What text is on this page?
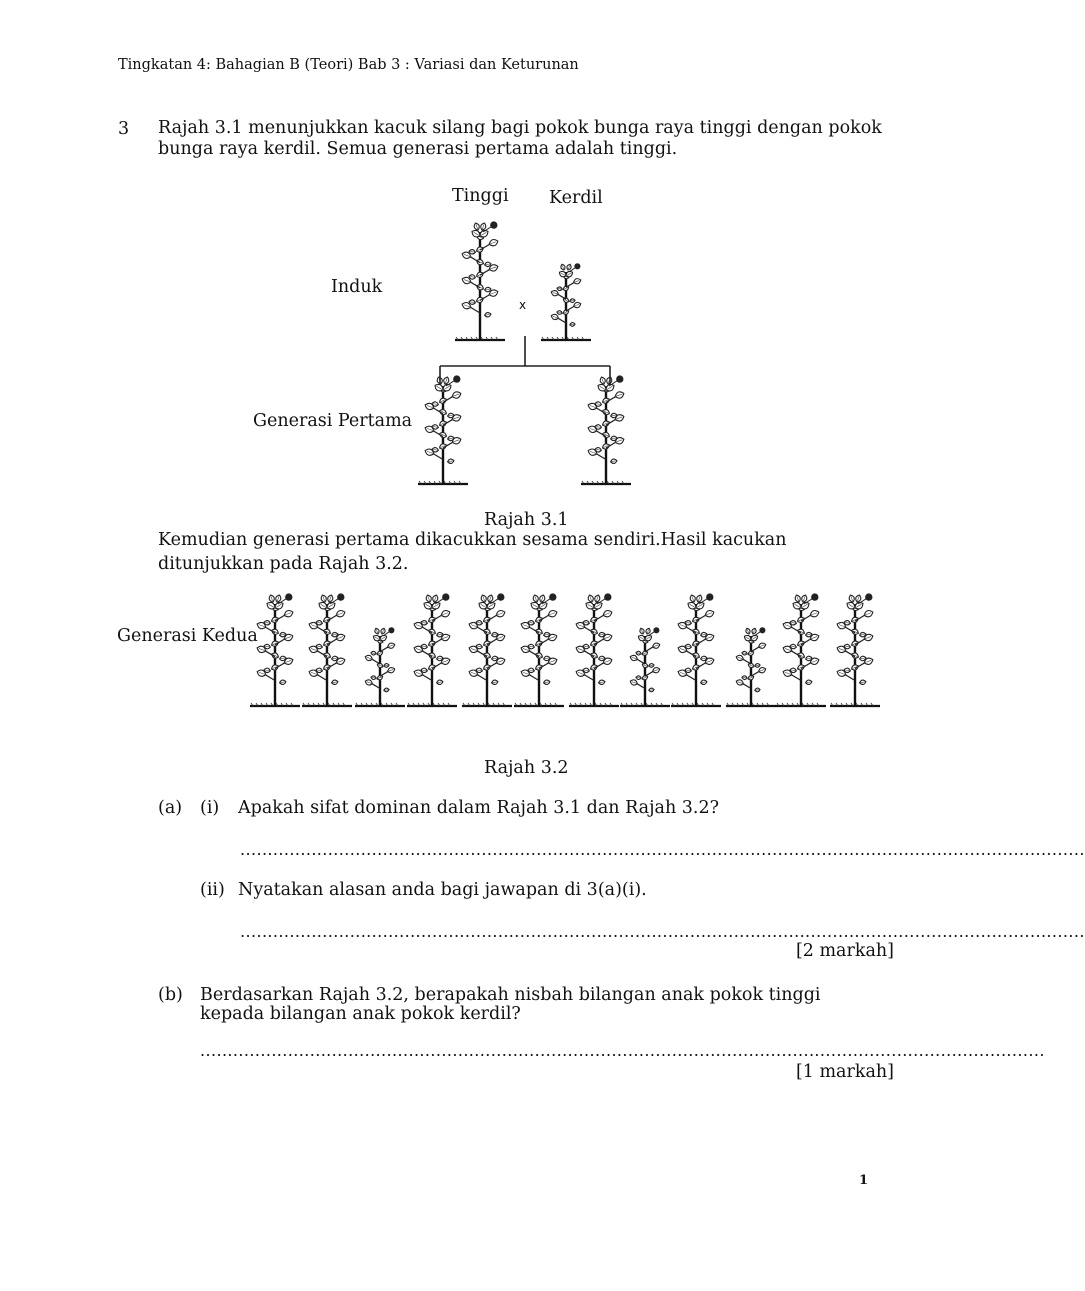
Tingkatan 4: Bahagian B (Teori) Bab 3 : Variasi dan Keturunan
3 Rajah 3.1 menunjukkan kacuk silang bagi pokok bunga raya tinggi dengan pokok
bunga raya kerdil. Semua generasi pertama adalah tinggi.
Tinggi Kerdil
Induk
x
Generasi Pertama
Rajah 3.1
Kemudian generasi pertama dikacukkan sesama sendiri.Hasil kacukan
ditunjukkan pada Rajah 3.2.
Generasi Kedua
Rajah 3.2
(a) (i) Apakah sifat dominan dalam Rajah 3.1 dan Rajah 3.2?
..........................................................................................................................................................
(ii) Nyatakan alasan anda bagi jawapan di 3(a)(i).
..........................................................................................................................................................
[2 markah]
(b) Berdasarkan Rajah 3.2, berapakah nisbah bilangan anak pokok tinggi
kepada bilangan anak pokok kerdil?
..........................................................................................................................................................
[1 markah]
1
